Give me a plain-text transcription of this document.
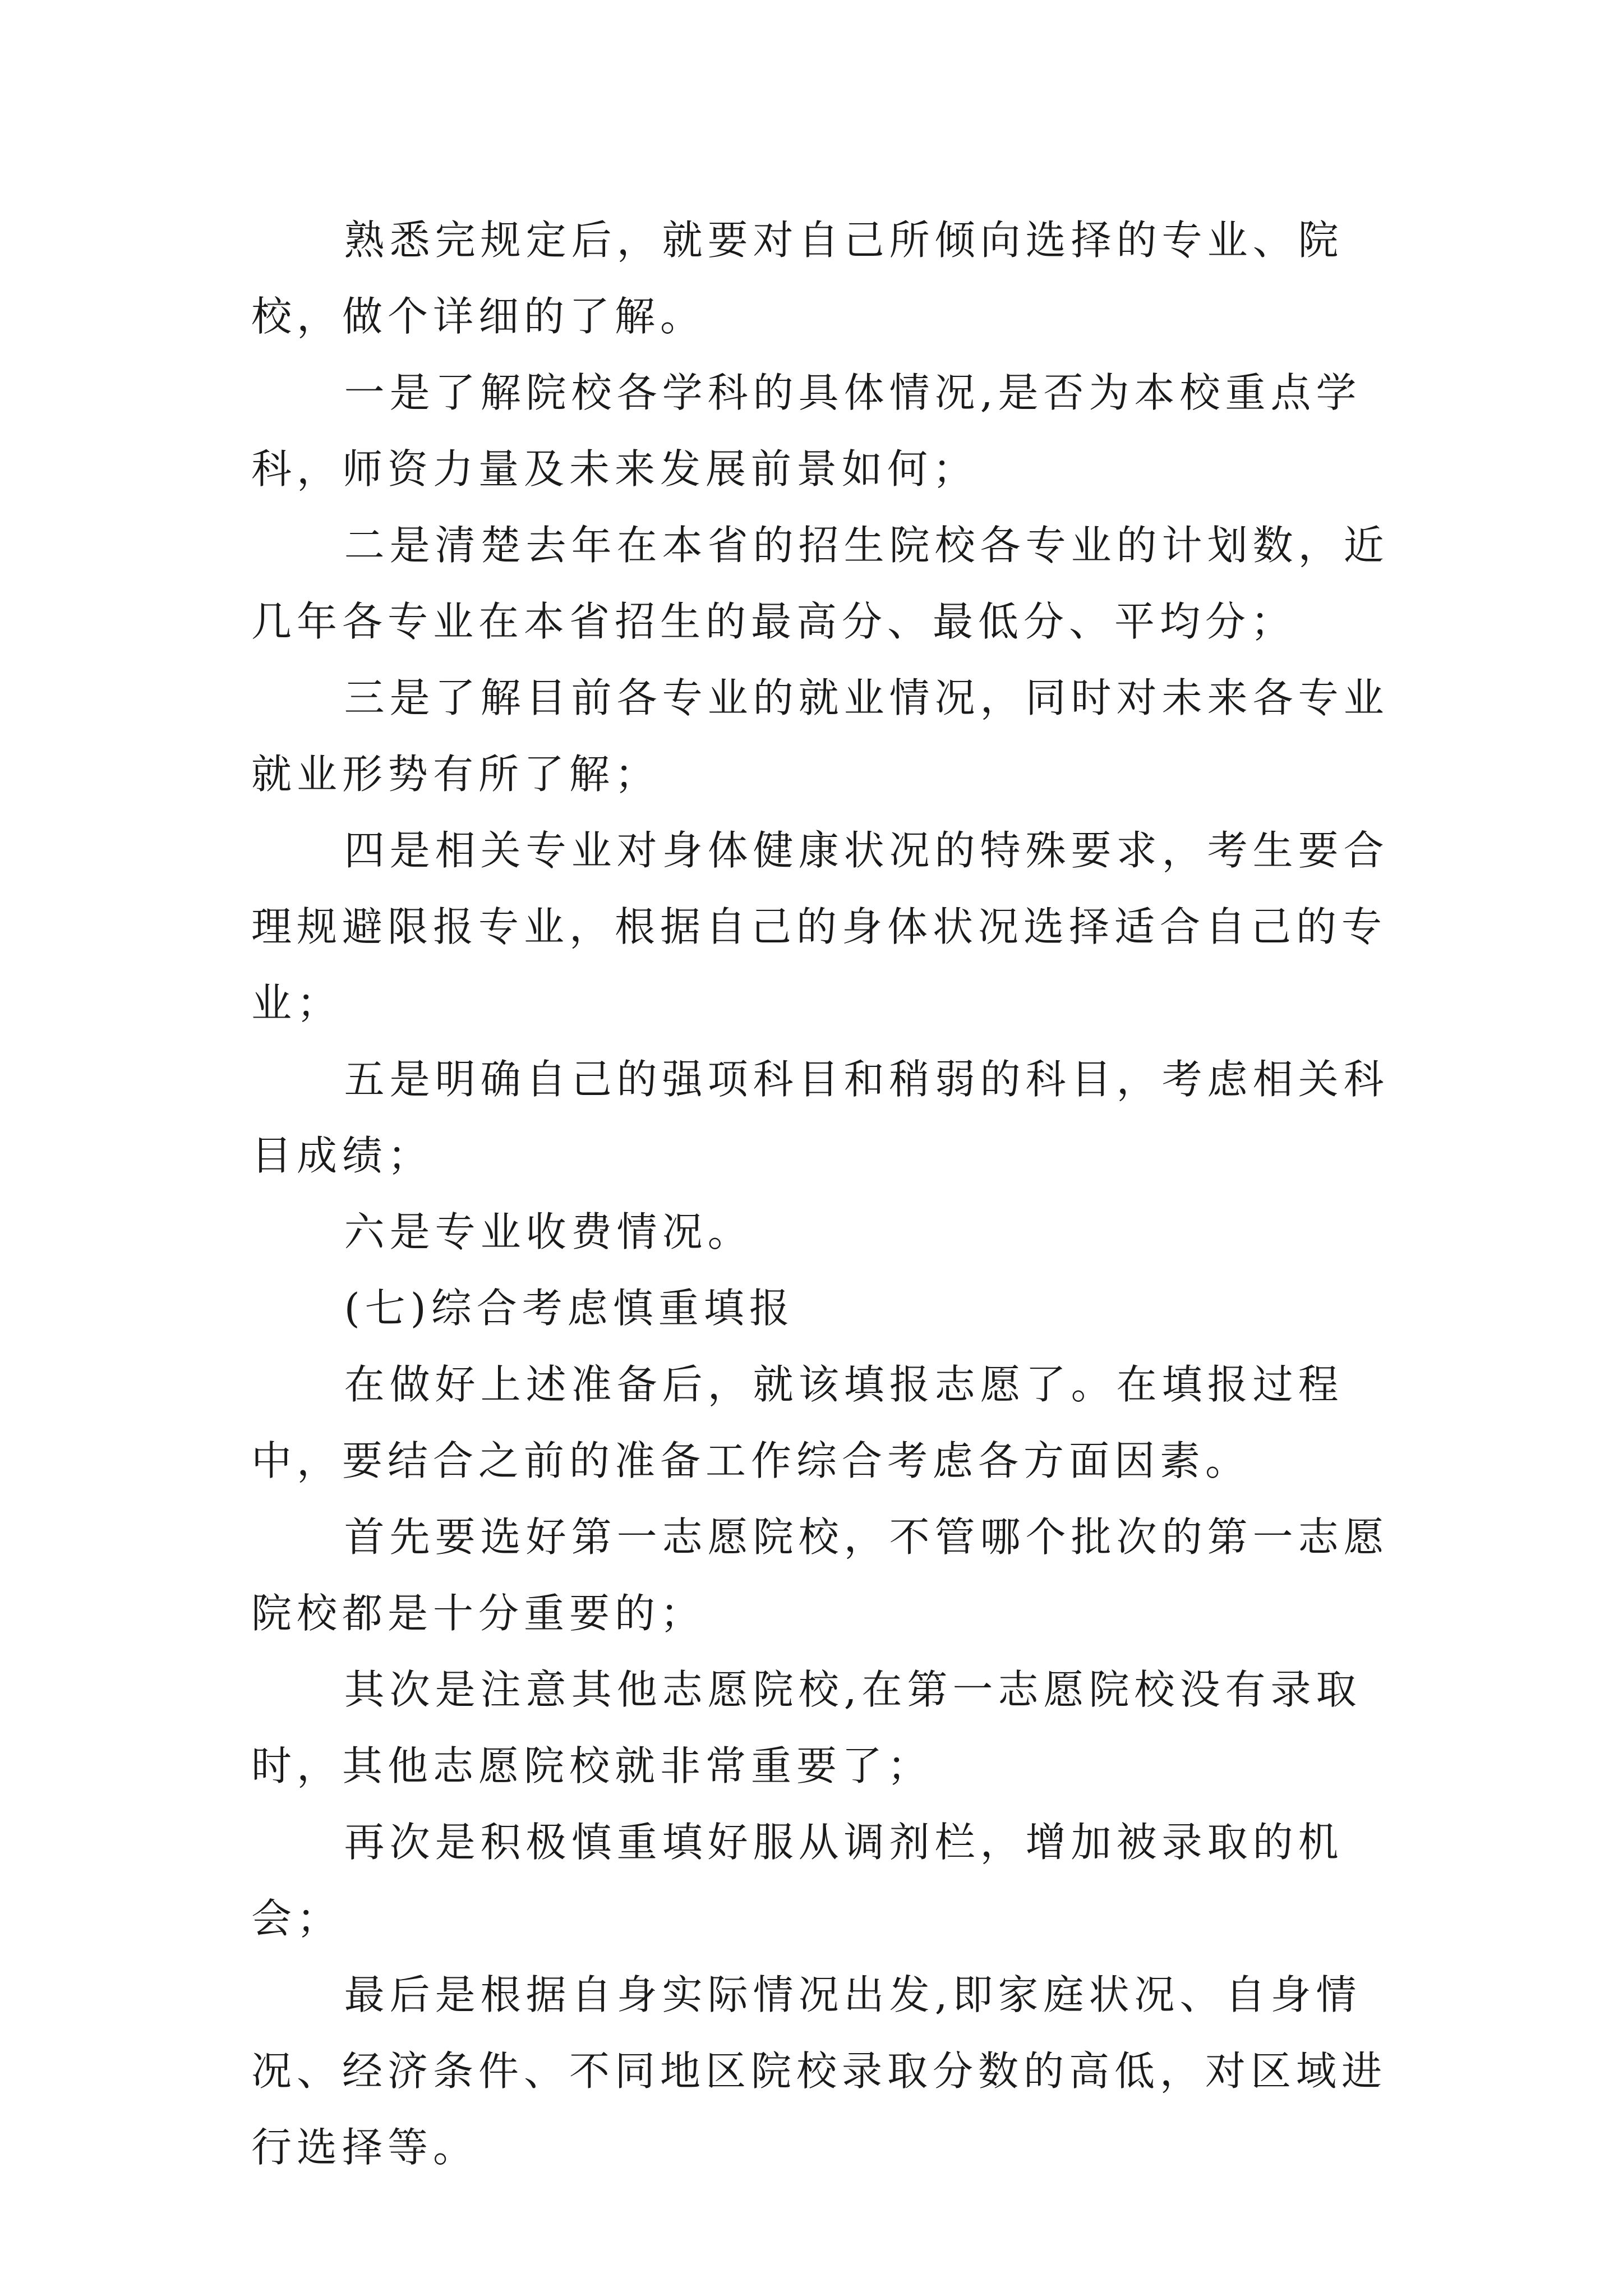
熟悉完规定后，就要对自己所倾向选择的专业、院校，做个详细的了解。

一是了解院校各学科的具体情况,是否为本校重点学科，师资力量及未来发展前景如何；

二是清楚去年在本省的招生院校各专业的计划数，近几年各专业在本省招生的最高分、最低分、平均分；

三是了解目前各专业的就业情况，同时对未来各专业就业形势有所了解；

四是相关专业对身体健康状况的特殊要求，考生要合理规避限报专业，根据自己的身体状况选择适合自己的专业；

五是明确自己的强项科目和稍弱的科目，考虑相关科目成绩；

六是专业收费情况。

(七)综合考虑慎重填报

在做好上述准备后，就该填报志愿了。在填报过程中，要结合之前的准备工作综合考虑各方面因素。

首先要选好第一志愿院校，不管哪个批次的第一志愿院校都是十分重要的；

其次是注意其他志愿院校,在第一志愿院校没有录取时，其他志愿院校就非常重要了；

再次是积极慎重填好服从调剂栏，增加被录取的机会；

最后是根据自身实际情况出发,即家庭状况、自身情况、经济条件、不同地区院校录取分数的高低，对区域进行选择等。
